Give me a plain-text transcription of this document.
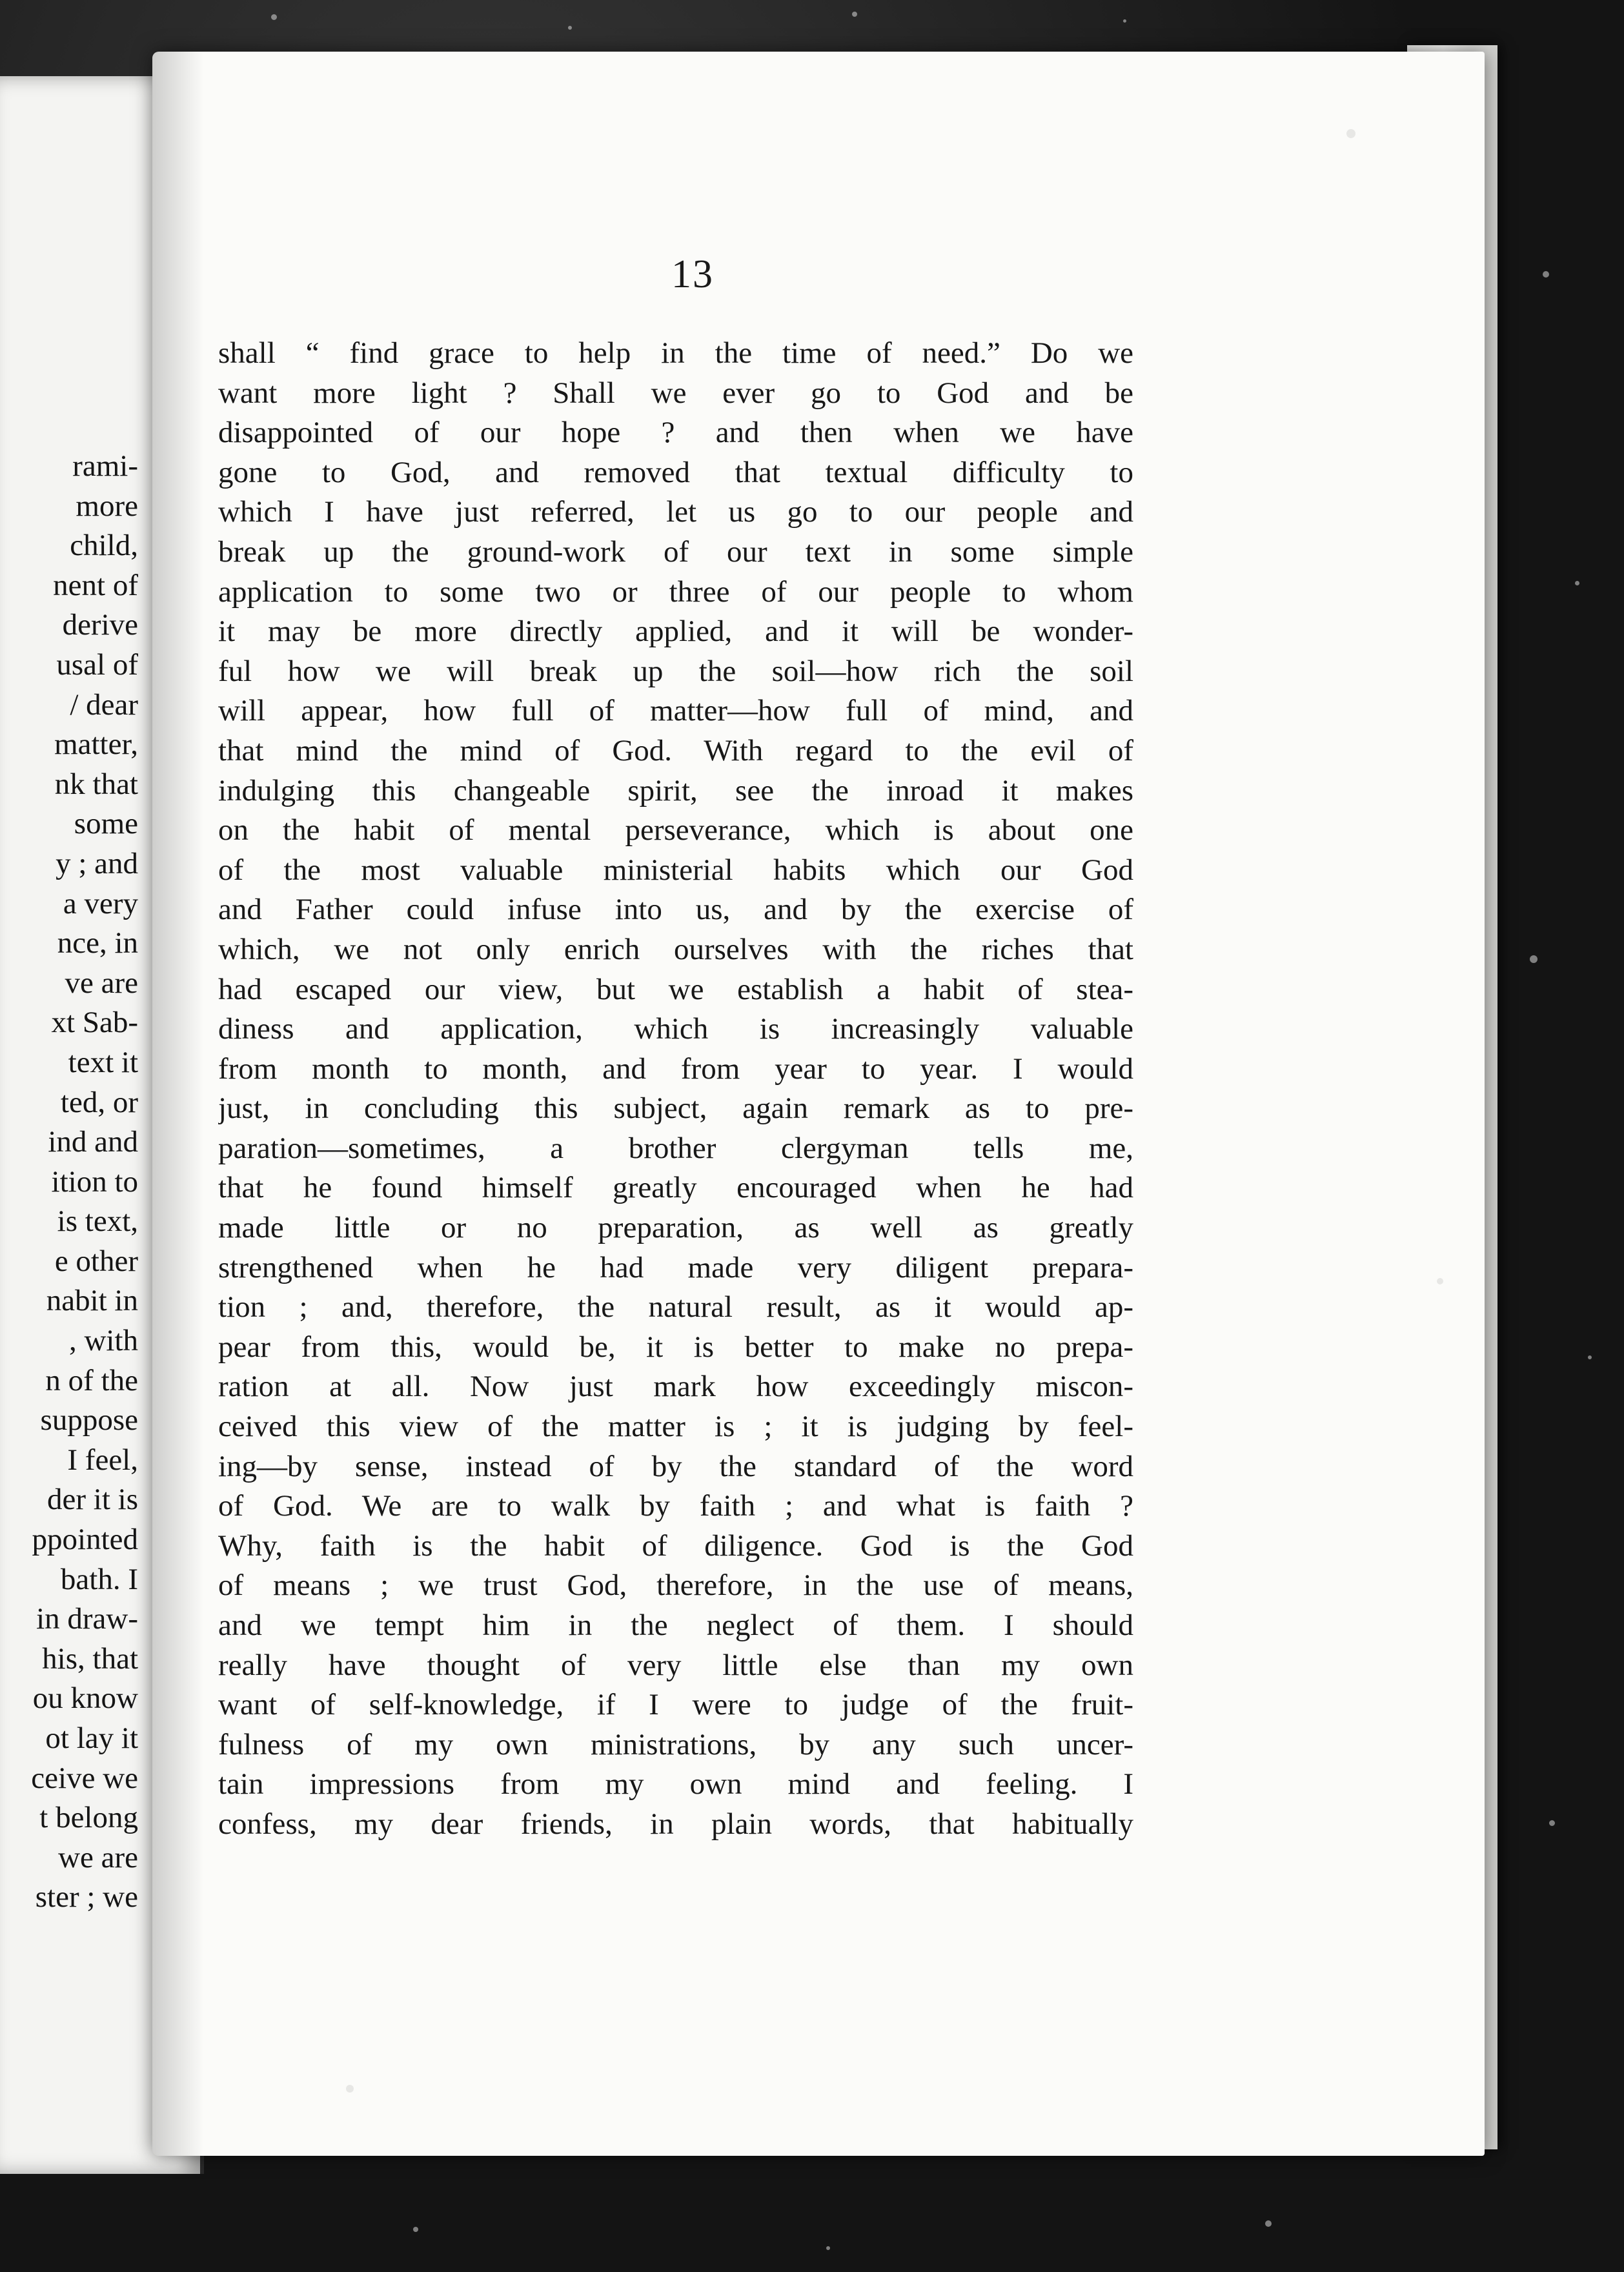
rami-
more
child,
nent of
derive
usal of
/ dear
matter,
nk that
some
y ; and
a very
nce, in
ve are
xt Sab-
text it
ted, or
ind and
ition to
is text,
e other
nabit in
, with
n of the
suppose
I feel,
der it is
ppointed
bath. I
in draw-
his, that
ou know
ot lay it
ceive we
t belong
we are
ster ; we
13
shall “ find grace to help in the time of need.” Do we
want more light ? Shall we ever go to God and be
disappointed of our hope ? and then when we have
gone to God, and removed that textual difficulty to
which I have just referred, let us go to our people and
break up the ground-work of our text in some simple
application to some two or three of our people to whom
it may be more directly applied, and it will be wonder-
ful how we will break up the soil—how rich the soil
will appear, how full of matter—how full of mind, and
that mind the mind of God. With regard to the evil of
indulging this changeable spirit, see the inroad it makes
on the habit of mental perseverance, which is about one
of the most valuable ministerial habits which our God
and Father could infuse into us, and by the exercise of
which, we not only enrich ourselves with the riches that
had escaped our view, but we establish a habit of stea-
diness and application, which is increasingly valuable
from month to month, and from year to year. I would
just, in concluding this subject, again remark as to pre-
paration—sometimes, a brother clergyman tells me,
that he found himself greatly encouraged when he had
made little or no preparation, as well as greatly
strengthened when he had made very diligent prepara-
tion ; and, therefore, the natural result, as it would ap-
pear from this, would be, it is better to make no prepa-
ration at all. Now just mark how exceedingly miscon-
ceived this view of the matter is ; it is judging by feel-
ing—by sense, instead of by the standard of the word
of God. We are to walk by faith ; and what is faith ?
Why, faith is the habit of diligence. God is the God
of means ; we trust God, therefore, in the use of means,
and we tempt him in the neglect of them. I should
really have thought of very little else than my own
want of self-knowledge, if I were to judge of the fruit-
fulness of my own ministrations, by any such uncer-
tain impressions from my own mind and feeling. I
confess, my dear friends, in plain words, that habitually
